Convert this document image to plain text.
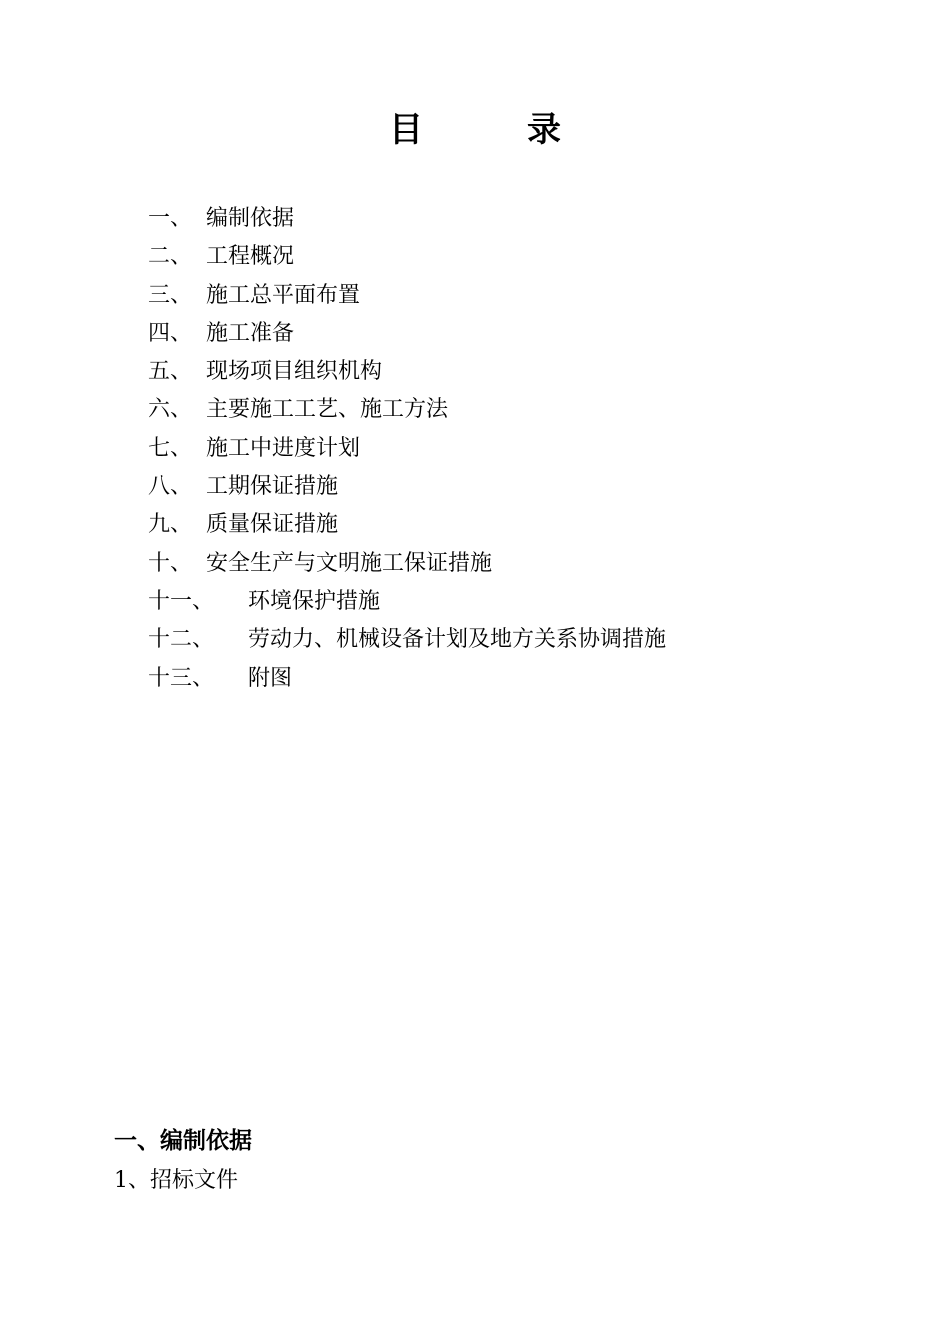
目	录
一、 编制依据
二、 工程概况
三、 施工总平面布置
四、 施工准备
五、 现场项目组织机构
六、 主要施工工艺、施工方法
七、 施工中进度计划
八、 工期保证措施
九、 质量保证措施
十、 安全生产与文明施工保证措施
十一、 环境保护措施
十二、 劳动力、机械设备计划及地方关系协调措施
十三、 附图
一、编制依据
1、招标文件
